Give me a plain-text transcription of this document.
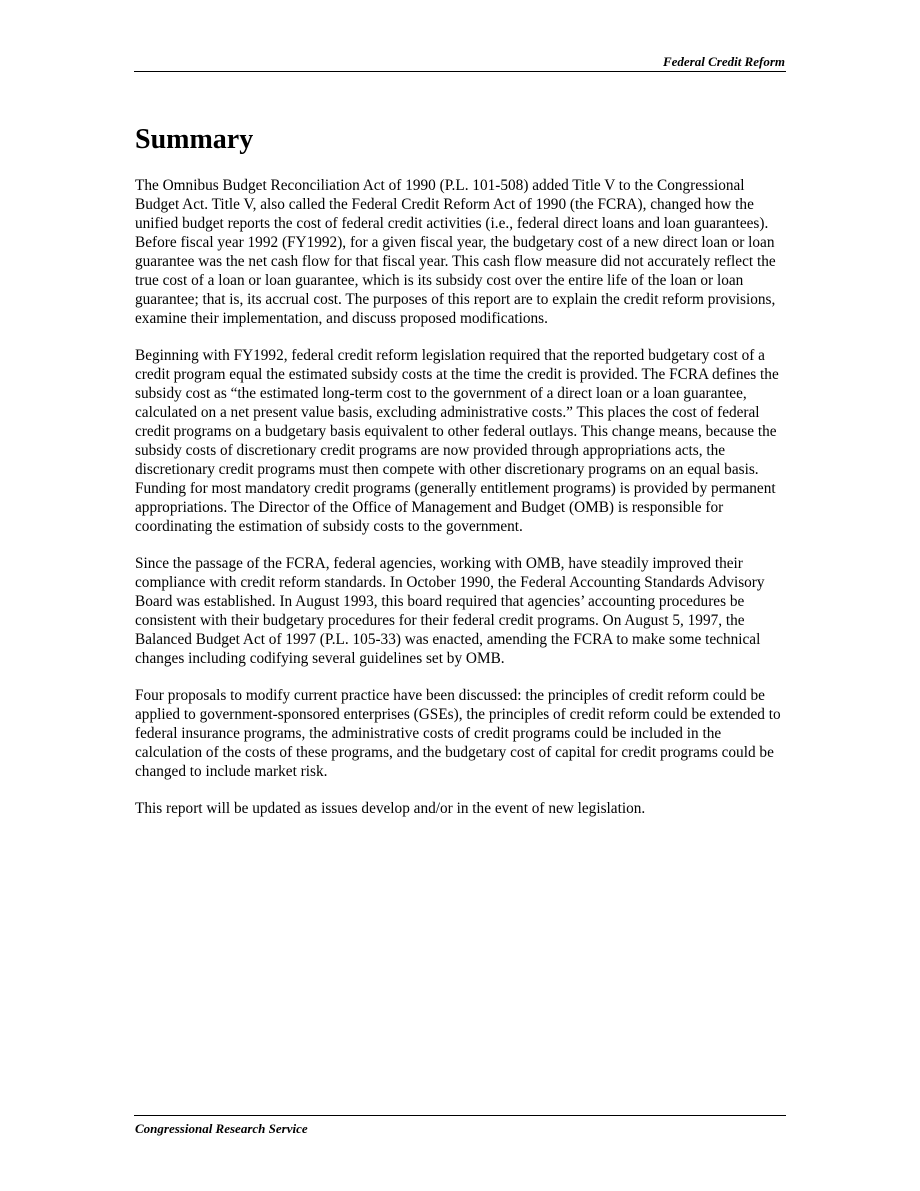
Federal Credit Reform
Summary

The Omnibus Budget Reconciliation Act of 1990 (P.L. 101-508) added Title V to the Congressional Budget Act. Title V, also called the Federal Credit Reform Act of 1990 (the FCRA), changed how the unified budget reports the cost of federal credit activities (i.e., federal direct loans and loan guarantees). Before fiscal year 1992 (FY1992), for a given fiscal year, the budgetary cost of a new direct loan or loan guarantee was the net cash flow for that fiscal year. This cash flow measure did not accurately reflect the true cost of a loan or loan guarantee, which is its subsidy cost over the entire life of the loan or loan guarantee; that is, its accrual cost. The purposes of this report are to explain the credit reform provisions, examine their implementation, and discuss proposed modifications.

Beginning with FY1992, federal credit reform legislation required that the reported budgetary cost of a credit program equal the estimated subsidy costs at the time the credit is provided. The FCRA defines the subsidy cost as “the estimated long-term cost to the government of a direct loan or a loan guarantee, calculated on a net present value basis, excluding administrative costs.” This places the cost of federal credit programs on a budgetary basis equivalent to other federal outlays. This change means, because the subsidy costs of discretionary credit programs are now provided through appropriations acts, the discretionary credit programs must then compete with other discretionary programs on an equal basis. Funding for most mandatory credit programs (generally entitlement programs) is provided by permanent appropriations. The Director of the Office of Management and Budget (OMB) is responsible for coordinating the estimation of subsidy costs to the government.

Since the passage of the FCRA, federal agencies, working with OMB, have steadily improved their compliance with credit reform standards. In October 1990, the Federal Accounting Standards Advisory Board was established. In August 1993, this board required that agencies’ accounting procedures be consistent with their budgetary procedures for their federal credit programs. On August 5, 1997, the Balanced Budget Act of 1997 (P.L. 105-33) was enacted, amending the FCRA to make some technical changes including codifying several guidelines set by OMB.

Four proposals to modify current practice have been discussed: the principles of credit reform could be applied to government-sponsored enterprises (GSEs), the principles of credit reform could be extended to federal insurance programs, the administrative costs of credit programs could be included in the calculation of the costs of these programs, and the budgetary cost of capital for credit programs could be changed to include market risk.

This report will be updated as issues develop and/or in the event of new legislation.

Congressional Research Service
